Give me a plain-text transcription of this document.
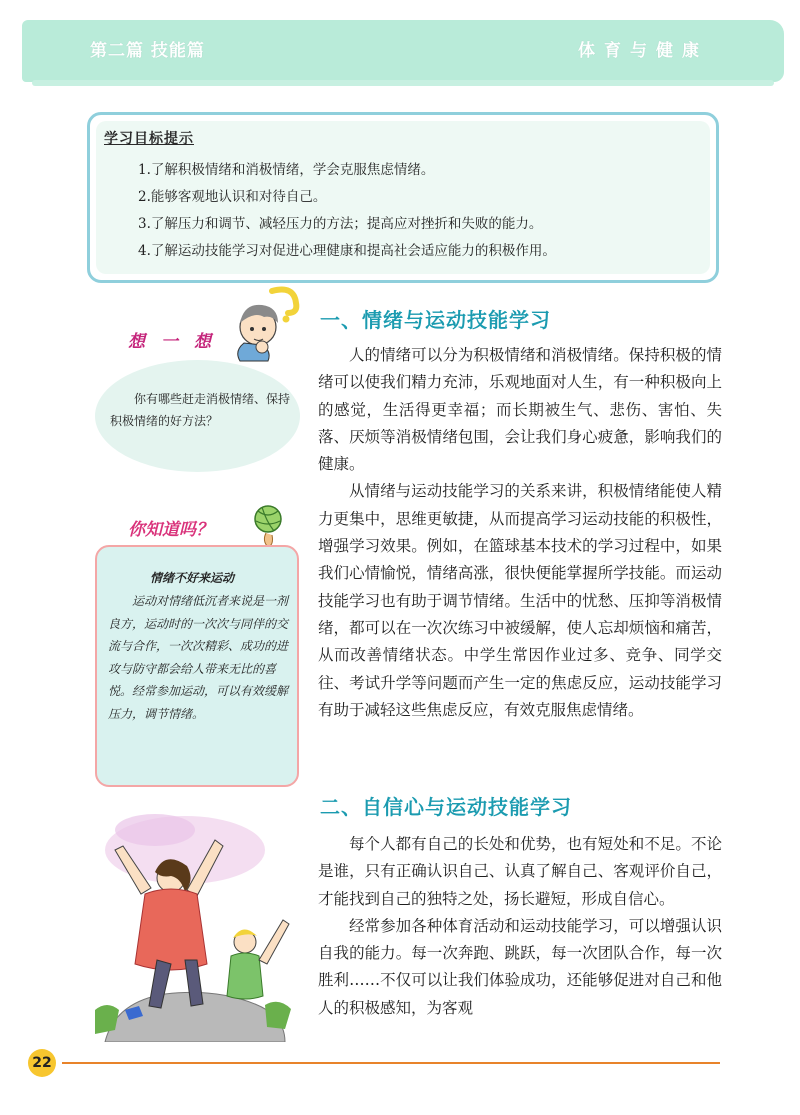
第二篇 技能篇	体育与健康
学习目标提示
1.了解积极情绪和消极情绪，学会克服焦虑情绪。
2.能够客观地认识和对待自己。
3.了解压力和调节、减轻压力的方法；提高应对挫折和失败的能力。
4.了解运动技能学习对促进心理健康和提高社会适应能力的积极作用。
想一想
你有哪些赶走消极情绪、保持积极情绪的好方法？
你知道吗？
情绪不好来运动
运动对情绪低沉者来说是一剂良方，运动时的一次次与同伴的交流与合作，一次次精彩、成功的进攻与防守都会给人带来无比的喜悦。经常参加运动，可以有效缓解压力，调节情绪。
一、情绪与运动技能学习

人的情绪可以分为积极情绪和消极情绪。保持积极的情绪可以使我们精力充沛，乐观地面对人生，有一种积极向上的感觉，生活得更幸福；而长期被生气、悲伤、害怕、失落、厌烦等消极情绪包围，会让我们身心疲惫，影响我们的健康。

从情绪与运动技能学习的关系来讲，积极情绪能使人精力更集中，思维更敏捷，从而提高学习运动技能的积极性，增强学习效果。例如，在篮球基本技术的学习过程中，如果我们心情愉悦，情绪高涨，很快便能掌握所学技能。而运动技能学习也有助于调节情绪。生活中的忧愁、压抑等消极情绪，都可以在一次次练习中被缓解，使人忘却烦恼和痛苦，从而改善情绪状态。中学生常因作业过多、竞争、同学交往、考试升学等问题而产生一定的焦虑反应，运动技能学习有助于减轻这些焦虑反应，有效克服焦虑情绪。

二、自信心与运动技能学习

每个人都有自己的长处和优势，也有短处和不足。不论是谁，只有正确认识自己、认真了解自己、客观评价自己，才能找到自己的独特之处，扬长避短，形成自信心。

经常参加各种体育活动和运动技能学习，可以增强认识自我的能力。每一次奔跑、跳跃，每一次团队合作，每一次胜利……不仅可以让我们体验成功，还能够促进对自己和他人的积极感知，为客观

22
